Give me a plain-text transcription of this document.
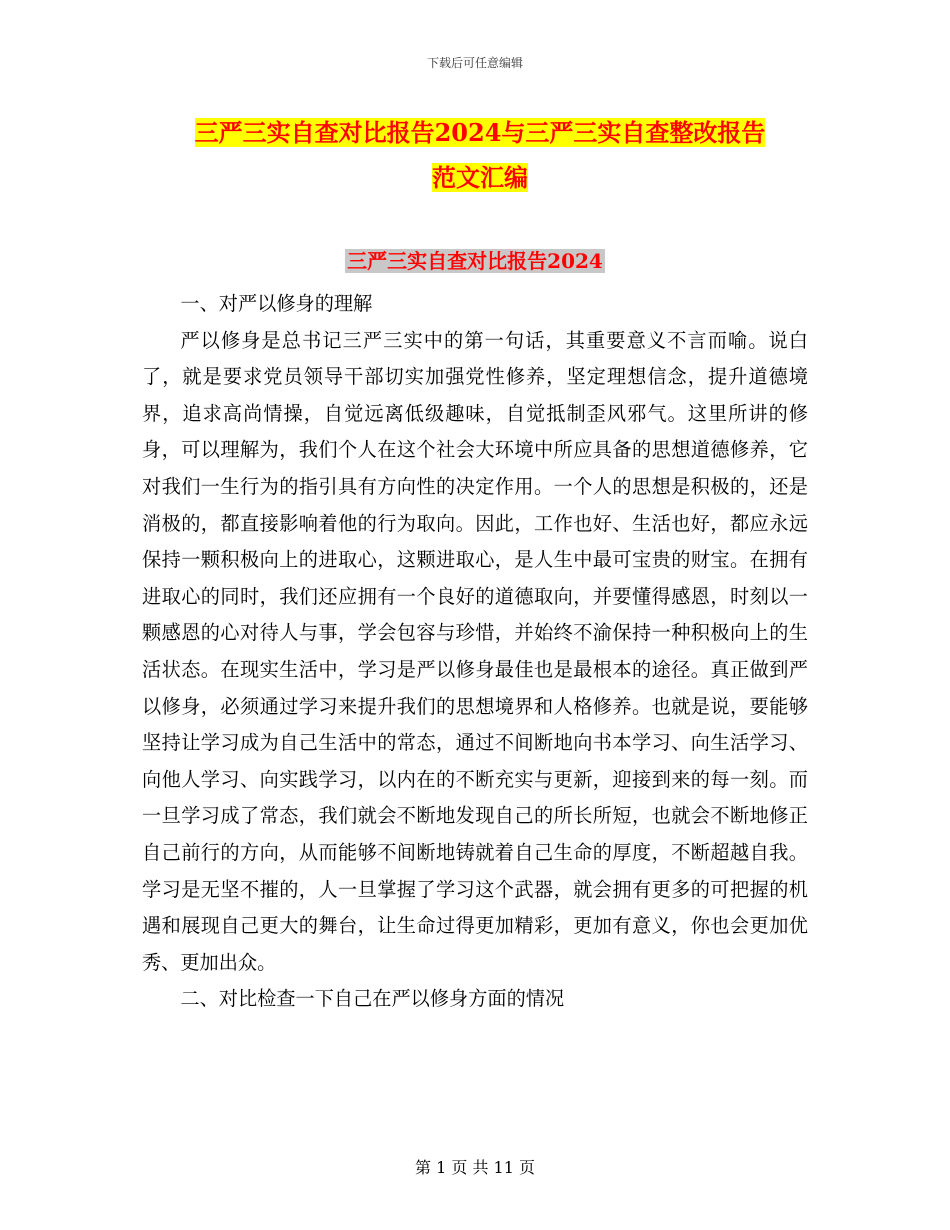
下载后可任意编辑
三严三实自查对比报告2024与三严三实自查整改报告
范文汇编
三严三实自查对比报告2024

一、对严以修身的理解

严以修身是总书记三严三实中的第一句话，其重要意义不言而喻。说白了，就是要求党员领导干部切实加强党性修养，坚定理想信念，提升道德境界，追求高尚情操，自觉远离低级趣味，自觉抵制歪风邪气。这里所讲的修身，可以理解为，我们个人在这个社会大环境中所应具备的思想道德修养，它对我们一生行为的指引具有方向性的决定作用。一个人的思想是积极的，还是消极的，都直接影响着他的行为取向。因此，工作也好、生活也好，都应永远保持一颗积极向上的进取心，这颗进取心，是人生中最可宝贵的财宝。在拥有进取心的同时，我们还应拥有一个良好的道德取向，并要懂得感恩，时刻以一颗感恩的心对待人与事，学会包容与珍惜，并始终不渝保持一种积极向上的生活状态。在现实生活中，学习是严以修身最佳也是最根本的途径。真正做到严以修身，必须通过学习来提升我们的思想境界和人格修养。也就是说，要能够坚持让学习成为自己生活中的常态，通过不间断地向书本学习、向生活学习、向他人学习、向实践学习，以内在的不断充实与更新，迎接到来的每一刻。而一旦学习成了常态，我们就会不断地发现自己的所长所短，也就会不断地修正自己前行的方向，从而能够不间断地铸就着自己生命的厚度，不断超越自我。学习是无坚不摧的，人一旦掌握了学习这个武器，就会拥有更多的可把握的机遇和展现自己更大的舞台，让生命过得更加精彩，更加有意义，你也会更加优秀、更加出众。

二、对比检查一下自己在严以修身方面的情况

第 1 页 共 11 页
